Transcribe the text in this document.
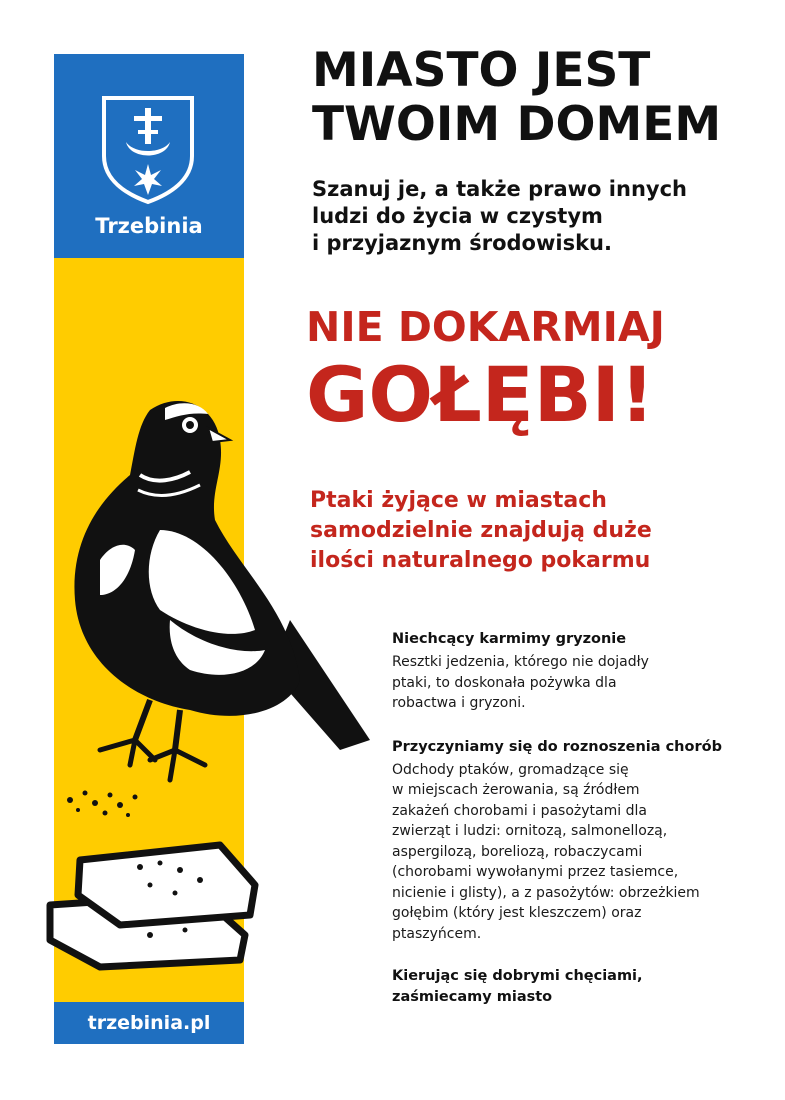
Trzebinia
trzebinia.pl
MIASTO JEST
TWOIM DOMEM
Szanuj je, a także prawo innych
ludzi do życia w czystym
i przyjaznym środowisku.
NIE DOKARMIAJ
GOŁĘBI!
Ptaki żyjące w miastach
samodzielnie znajdują duże
ilości naturalnego pokarmu

Niechcący karmimy gryzonie

Resztki jedzenia, którego nie dojadły
ptaki, to doskonała pożywka dla
robactwa i gryzoni.

Przyczyniamy się do roznoszenia chorób

Odchody ptaków, gromadzące się
w miejscach żerowania, są źródłem
zakażeń chorobami i pasożytami dla
zwierząt i ludzi: ornitozą, salmonellozą,
aspergilozą, boreliozą, robaczycami
(chorobami wywołanymi przez tasiemce,
nicienie i glisty), a z pasożytów: obrzeżkiem
gołębim (który jest kleszczem) oraz
ptaszyńcem.

Kierując się dobrymi chęciami,

zaśmiecamy miasto
